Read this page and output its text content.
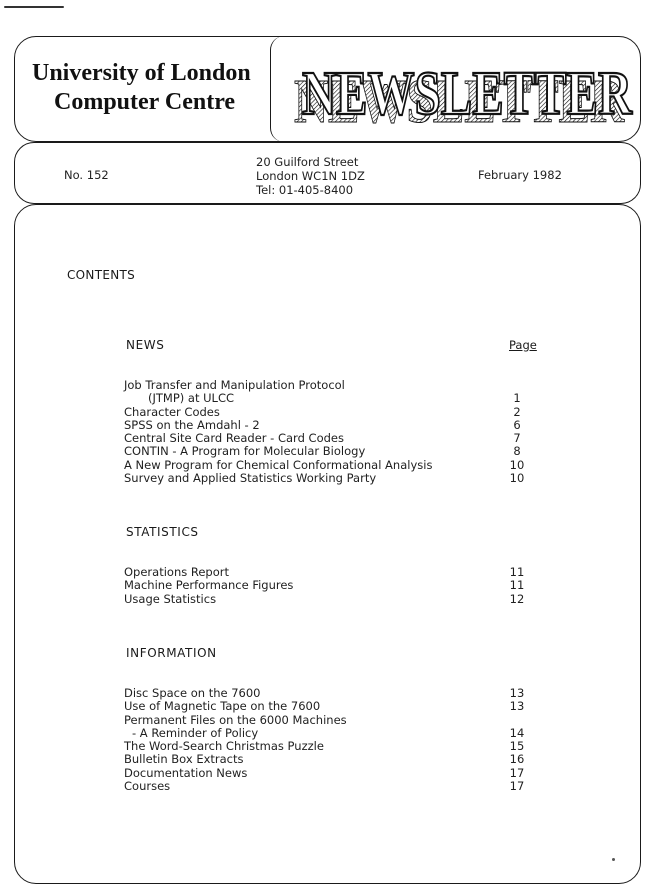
University of London
Computer Centre NEWSLETTER
NEWSLETTER

No. 152

20 Guilford Street
London WC1N 1DZ
Tel: 01-405-8400

February 1982

CONTENTS
NEWS	Page

Job Transfer and Manipulation Protocol
(JTMP) at ULCC	1
Character Codes	2
SPSS on the Amdahl - 2	6
Central Site Card Reader - Card Codes	7
CONTIN - A Program for Molecular Biology	8
A New Program for Chemical Conformational Analysis	10
Survey and Applied Statistics Working Party	10
STATISTICS
Operations Report	11
Machine Performance Figures	11
Usage Statistics	12
INFORMATION
Disc Space on the 7600	13
Use of Magnetic Tape on the 7600	13
Permanent Files on the 6000 Machines
- A Reminder of Policy	14
The Word-Search Christmas Puzzle	15
Bulletin Box Extracts	16
Documentation News	17
Courses	17
